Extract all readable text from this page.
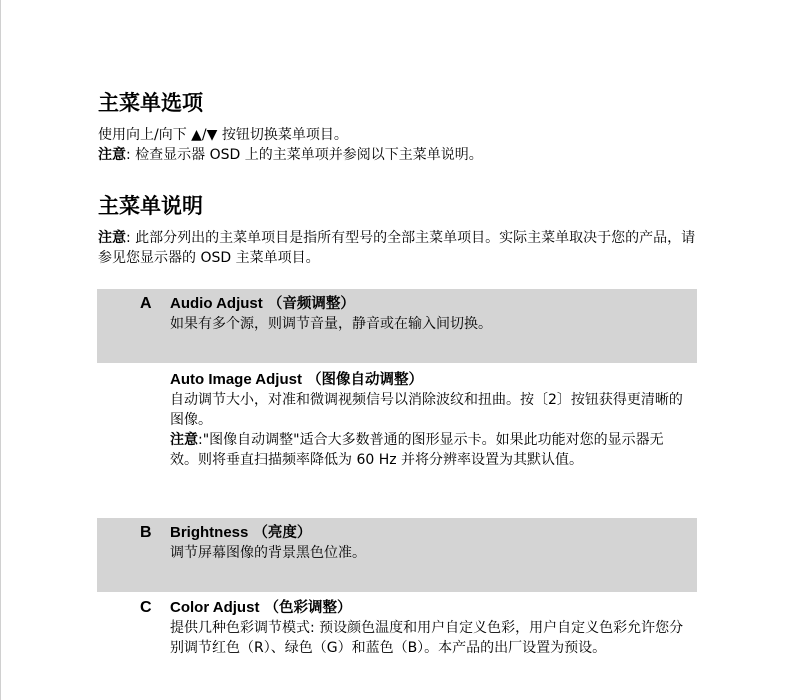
主菜单选项

使用向上/向下 ▲/▼ 按钮切换菜单项目。
注意: 检查显示器 OSD 上的主菜单项并参阅以下主菜单说明。

主菜单说明

注意: 此部分列出的主菜单项目是指所有型号的全部主菜单项目。实际主菜单取决于您的产品，请参见您显示器的 OSD 主菜单项目。

A Audio Adjust （音频调整）
如果有多个源，则调节音量，静音或在输入间切换。
Auto Image Adjust （图像自动调整）
自动调节大小，对准和微调视频信号以消除波纹和扭曲。按〔2〕按钮获得更清晰的图像。
注意:"图像自动调整"适合大多数普通的图形显示卡。如果此功能对您的显示器无效。则将垂直扫描频率降低为 60 Hz 并将分辨率设置为其默认值。
B Brightness （亮度）
调节屏幕图像的背景黑色位准。
C Color Adjust （色彩调整）
提供几种色彩调节模式: 预设颜色温度和用户自定义色彩，用户自定义色彩允许您分别调节红色（R）、绿色（G）和蓝色（B）。本产品的出厂设置为预设。
